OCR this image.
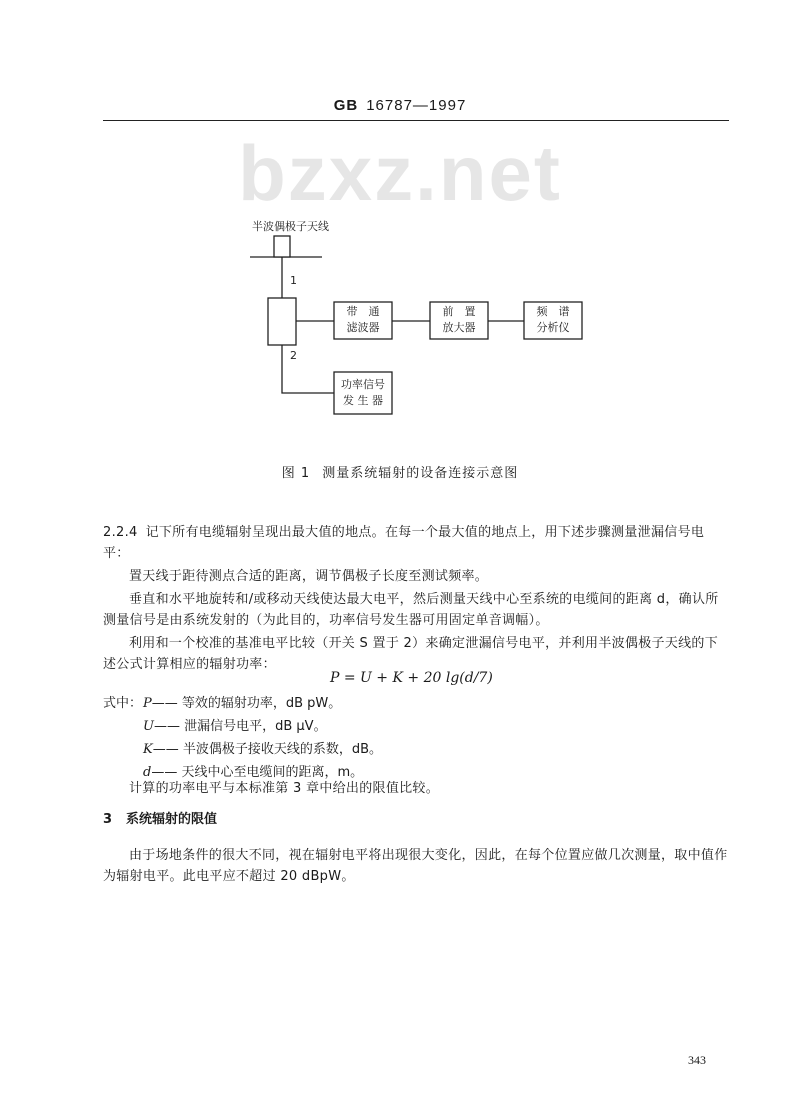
GB 16787—1997
bzxz.net
半波偶极子天线
1
2
带　通
滤波器
前　置
放大器
频　谱
分析仪
功率信号
发 生 器
图 1 测量系统辐射的设备连接示意图
2.2.4 记下所有电缆辐射呈现出最大值的地点。在每一个最大值的地点上，用下述步骤测量泄漏信号电平：
置天线于距待测点合适的距离，调节偶极子长度至测试频率。
垂直和水平地旋转和/或移动天线使达最大电平，然后测量天线中心至系统的电缆间的距离 d，确认所测量信号是由系统发射的（为此目的，功率信号发生器可用固定单音调幅）。
利用和一个校准的基准电平比较（开关 S 置于 2）来确定泄漏信号电平，并利用半波偶极子天线的下述公式计算相应的辐射功率：
P = U + K + 20 lg(d/7)
式中： P—— 等效的辐射功率，dB pW。
U—— 泄漏信号电平，dB μV。
K—— 半波偶极子接收天线的系数，dB。
d—— 天线中心至电缆间的距离，m。
计算的功率电平与本标准第 3 章中给出的限值比较。
3 系统辐射的限值
由于场地条件的很大不同，视在辐射电平将出现很大变化，因此，在每个位置应做几次测量，取中值作为辐射电平。此电平应不超过 20 dBpW。
343
